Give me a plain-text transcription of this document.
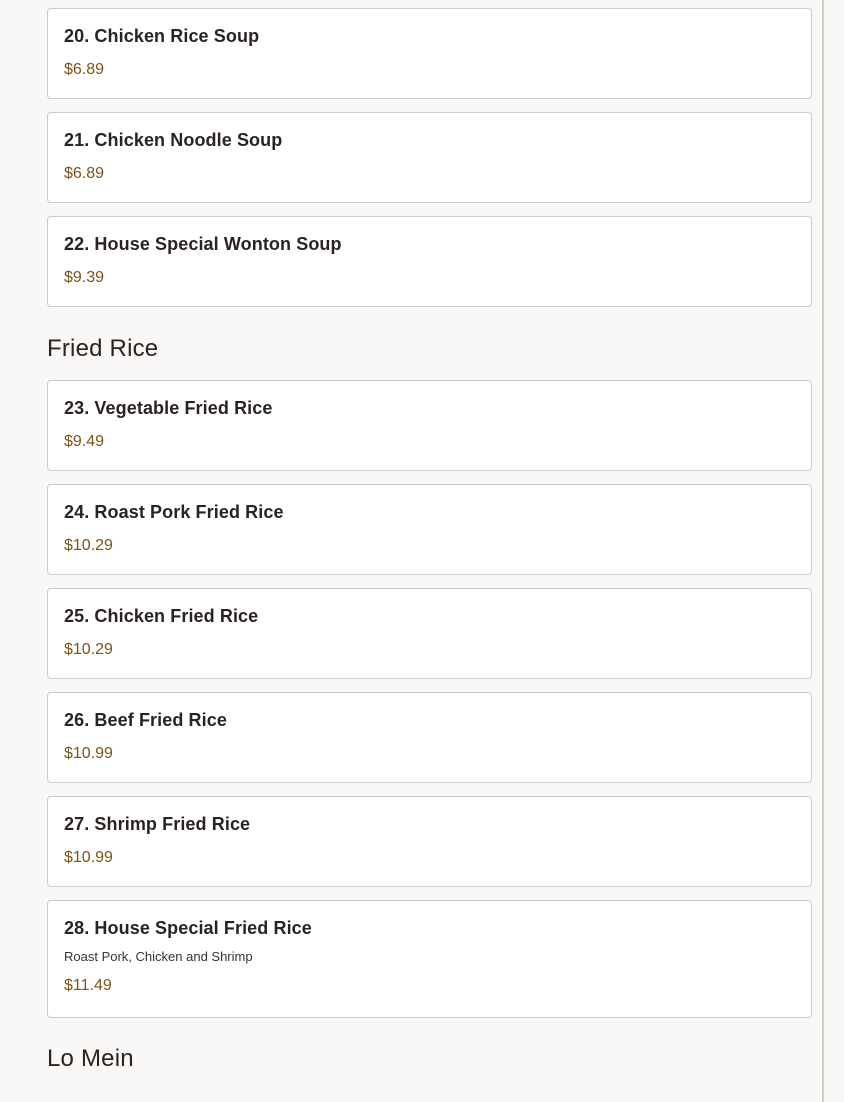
20. Chicken Rice Soup
$6.89
21. Chicken Noodle Soup
$6.89
22. House Special Wonton Soup
$9.39
Fried Rice
23. Vegetable Fried Rice
$9.49
24. Roast Pork Fried Rice
$10.29
25. Chicken Fried Rice
$10.29
26. Beef Fried Rice
$10.99
27. Shrimp Fried Rice
$10.99
28. House Special Fried Rice
Roast Pork, Chicken and Shrimp
$11.49
Lo Mein
